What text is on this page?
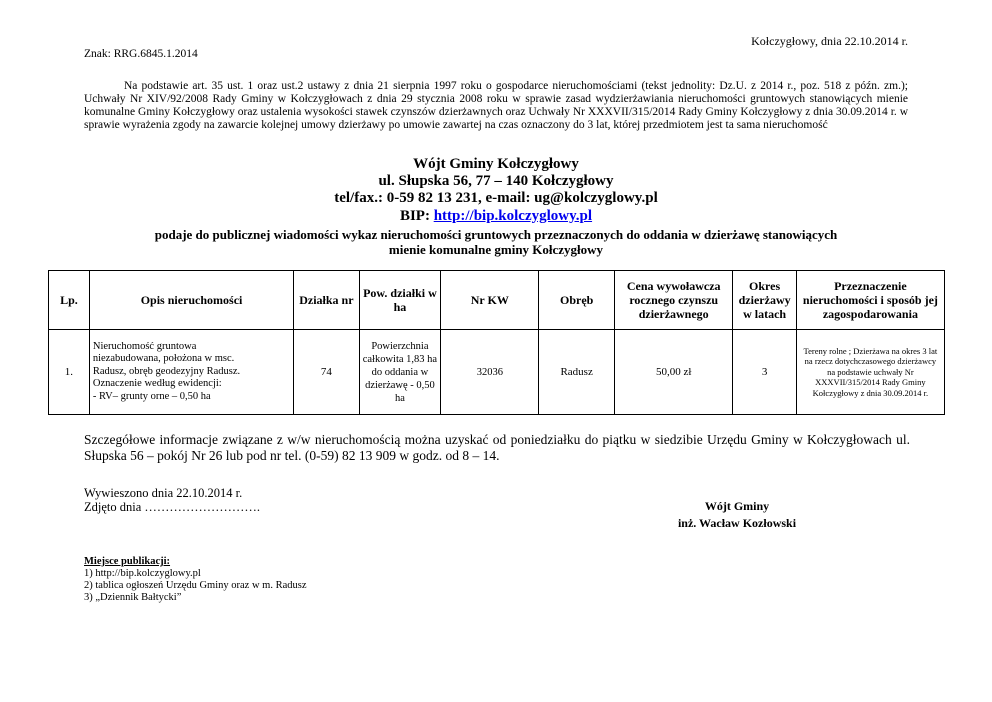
Kołczygłowy, dnia 22.10.2014 r.
Znak: RRG.6845.1.2014
Na podstawie art. 35 ust. 1 oraz ust.2 ustawy z dnia 21 sierpnia 1997 roku o gospodarce nieruchomościami (tekst jednolity: Dz.U. z 2014 r., poz. 518 z późn. zm.); Uchwały Nr XIV/92/2008 Rady Gminy w Kołczygłowach z dnia 29 stycznia 2008 roku w sprawie zasad wydzierżawiania nieruchomości gruntowych stanowiących mienie komunalne Gminy Kołczygłowy oraz ustalenia wysokości stawek czynszów dzierżawnych oraz Uchwały Nr XXXVII/315/2014 Rady Gminy Kołczygłowy z dnia 30.09.2014 r. w sprawie wyrażenia zgody na zawarcie kolejnej umowy dzierżawy po umowie zawartej na czas oznaczony do 3 lat, której przedmiotem jest ta sama nieruchomość
Wójt Gminy Kołczygłowy
ul. Słupska 56, 77 – 140 Kołczygłowy
tel/fax.: 0-59 82 13 231, e-mail: ug@kolczyglowy.pl
BIP: http://bip.kolczyglowy.pl
podaje do publicznej wiadomości wykaz nieruchomości gruntowych przeznaczonych do oddania w dzierżawę stanowiących mienie komunalne gminy Kołczygłowy
Lp.	Opis nieruchomości	Działka nr	Pow. działki w ha	Nr KW	Obręb	Cena wywoławcza rocznego czynszu dzierżawnego	Okres dzierżawy w latach	Przeznaczenie nieruchomości i sposób jej zagospodarowania
1.	Nieruchomość gruntowa
niezabudowana, położona w msc.
Radusz, obręb geodezyjny Radusz.
Oznaczenie według ewidencji:
- RV– grunty orne – 0,50 ha	74	Powierzchnia całkowita 1,83 ha do oddania w dzierżawę - 0,50 ha	32036	Radusz	50,00 zł	3	Tereny rolne ; Dzierżawa na okres 3 lat na rzecz dotychczasowego dzierżawcy na podstawie uchwały Nr XXXVII/315/2014 Rady Gminy Kołczygłowy z dnia 30.09.2014 r.
Szczegółowe informacje związane z w/w nieruchomością można uzyskać od poniedziałku do piątku w siedzibie Urzędu Gminy w Kołczygłowach ul. Słupska 56 – pokój Nr 26 lub pod nr tel. (0-59) 82 13 909 w godz. od 8 – 14.
Wywieszono dnia 22.10.2014 r.
Zdjęto dnia ……………………….	Wójt Gminy
inż. Wacław Kozłowski
Miejsce publikacji:
1) http://bip.kolczyglowy.pl
2) tablica ogłoszeń Urzędu Gminy oraz w m. Radusz
3) „Dziennik Bałtycki”
